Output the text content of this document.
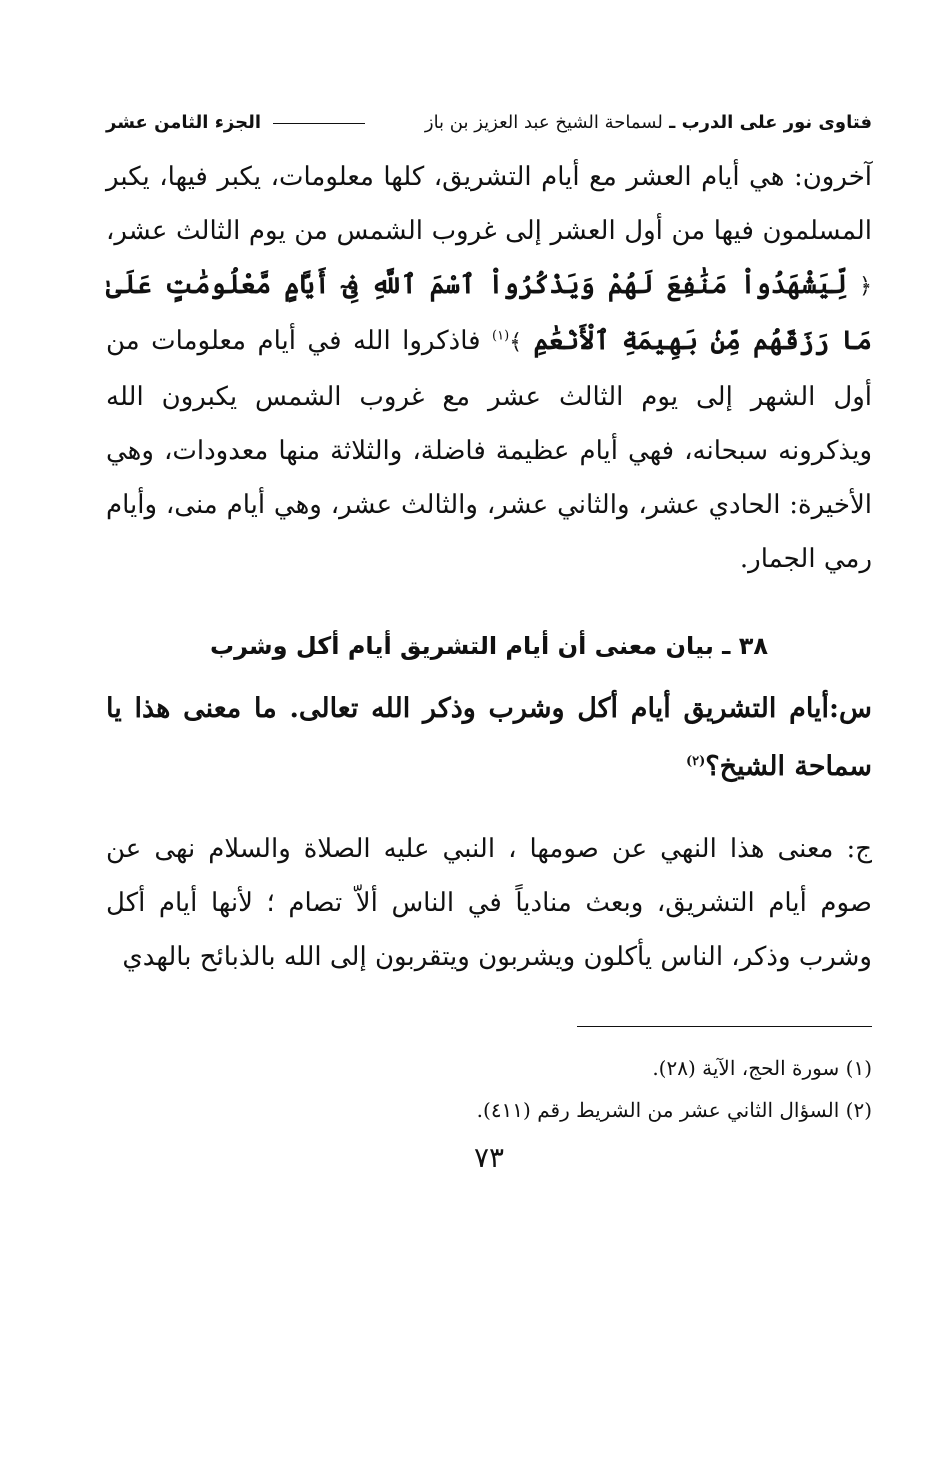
فتاوى نور على الدرب ـ لسماحة الشيخ عبد العزيز بن باز
الجزء الثامن عشر

آخرون: هي أيام العشر مع أيام التشريق، كلها معلومات، يكبر فيها، يكبر المسلمون فيها من أول العشر إلى غروب الشمس من يوم الثالث عشر، ﴿ لِّيَشْهَدُواْ مَنَٰفِعَ لَهُمْ وَيَذْكُرُواْ ٱسْمَ ٱللَّهِ فِىٓ أَيَّامٍ مَّعْلُومَٰتٍ عَلَىٰ مَا رَزَقَهُم مِّنۢ بَهِيمَةِ ٱلْأَنْعَٰمِ ﴾$^{(١)}$ فاذكروا الله في أيام معلومات من أول الشهر إلى يوم الثالث عشر مع غروب الشمس يكبرون الله ويذكرونه سبحانه، فهي أيام عظيمة فاضلة، والثلاثة منها معدودات، وهي الأخيرة: الحادي عشر، والثاني عشر، والثالث عشر، وهي أيام منى، وأيام رمي الجمار.

٣٨ ـ بيان معنى أن أيام التشريق أيام أكل وشرب

س:أيام التشريق أيام أكل وشرب وذكر الله تعالى. ما معنى هذا يا سماحة الشيخ؟$^{(٢)}$

ج: معنى هذا النهي عن صومها ، النبي عليه الصلاة والسلام نهى عن صوم أيام التشريق، وبعث منادياً في الناس ألاّ تصام ؛ لأنها أيام أكل وشرب وذكر، الناس يأكلون ويشربون ويتقربون إلى الله بالذبائح بالهدي

(١) سورة الحج، الآية (٢٨).
(٢) السؤال الثاني عشر من الشريط رقم (٤١١).
٧٣
